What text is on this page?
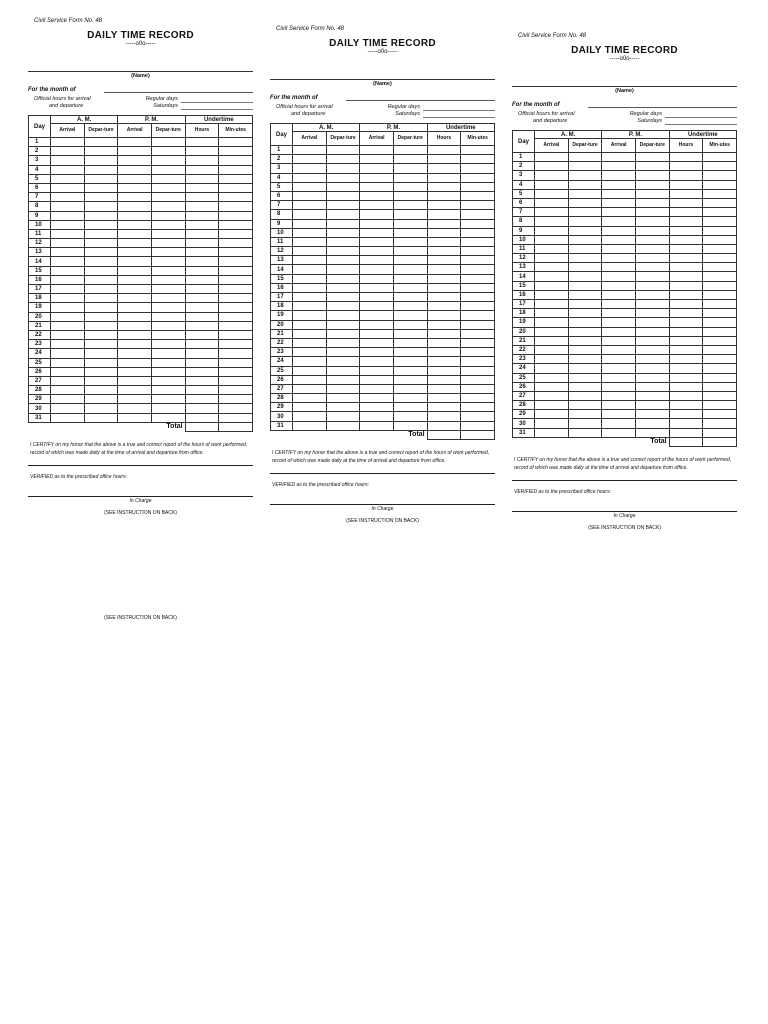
Civil Service Form No. 48
DAILY TIME RECORD
-----o0o-----
(Name)
For the month of
Official hours for arrival
and departure
Regular days
Saturdays
Day	A. M.		P. M.		Undertime	
	Arrival	Depar-ture	Arrival	Depar-ture	Hours	Min-utes
1						
2						
3						
4						
5						
6						
7						
8						
9						
10						
11						
12						
13						
14						
15						
16						
17						
18						
19						
20						
21						
22						
23						
24						
25						
26						
27						
28						
29						
30						
31						
Total						
I CERTIFY on my honor that the above is a true and correct report of the hours of work performed, record of which was made daily at the time of arrival and departure from office.
VERIFIED as to the prescribed office hours:
In Charge
(SEE INSTRUCTION ON BACK)
Civil Service Form No. 48
DAILY TIME RECORD
-----o0o-----
(Name)
For the month of
Official hours for arrival
and departure
Regular days
Saturdays
Day	A. M.		P. M.		Undertime	
	Arrival	Depar-ture	Arrival	Depar-ture	Hours	Min-utes
1						
2						
3						
4						
5						
6						
7						
8						
9						
10						
11						
12						
13						
14						
15						
16						
17						
18						
19						
20						
21						
22						
23						
24						
25						
26						
27						
28						
29						
30						
31						
Total						
I CERTIFY on my honor that the above is a true and correct report of the hours of work performed, record of which was made daily at the time of arrival and departure from office.
VERIFIED as to the prescribed office hours:
In Charge
(SEE INSTRUCTION ON BACK)
Civil Service Form No. 48
DAILY TIME RECORD
-----o0o-----
(Name)
For the month of
Official hours for arrival
and departure
Regular days
Saturdays
Day	A. M.		P. M.		Undertime	
	Arrival	Depar-ture	Arrival	Depar-ture	Hours	Min-utes
1						
2						
3						
4						
5						
6						
7						
8						
9						
10						
11						
12						
13						
14						
15						
16						
17						
18						
19						
20						
21						
22						
23						
24						
25						
26						
27						
28						
29						
30						
31						
Total						
I CERTIFY on my honor that the above is a true and correct report of the hours of work performed, record of which was made daily at the time of arrival and departure from office.
VERIFIED as to the prescribed office hours:
In Charge
(SEE INSTRUCTION ON BACK)
(SEE INSTRUCTION ON BACK)
